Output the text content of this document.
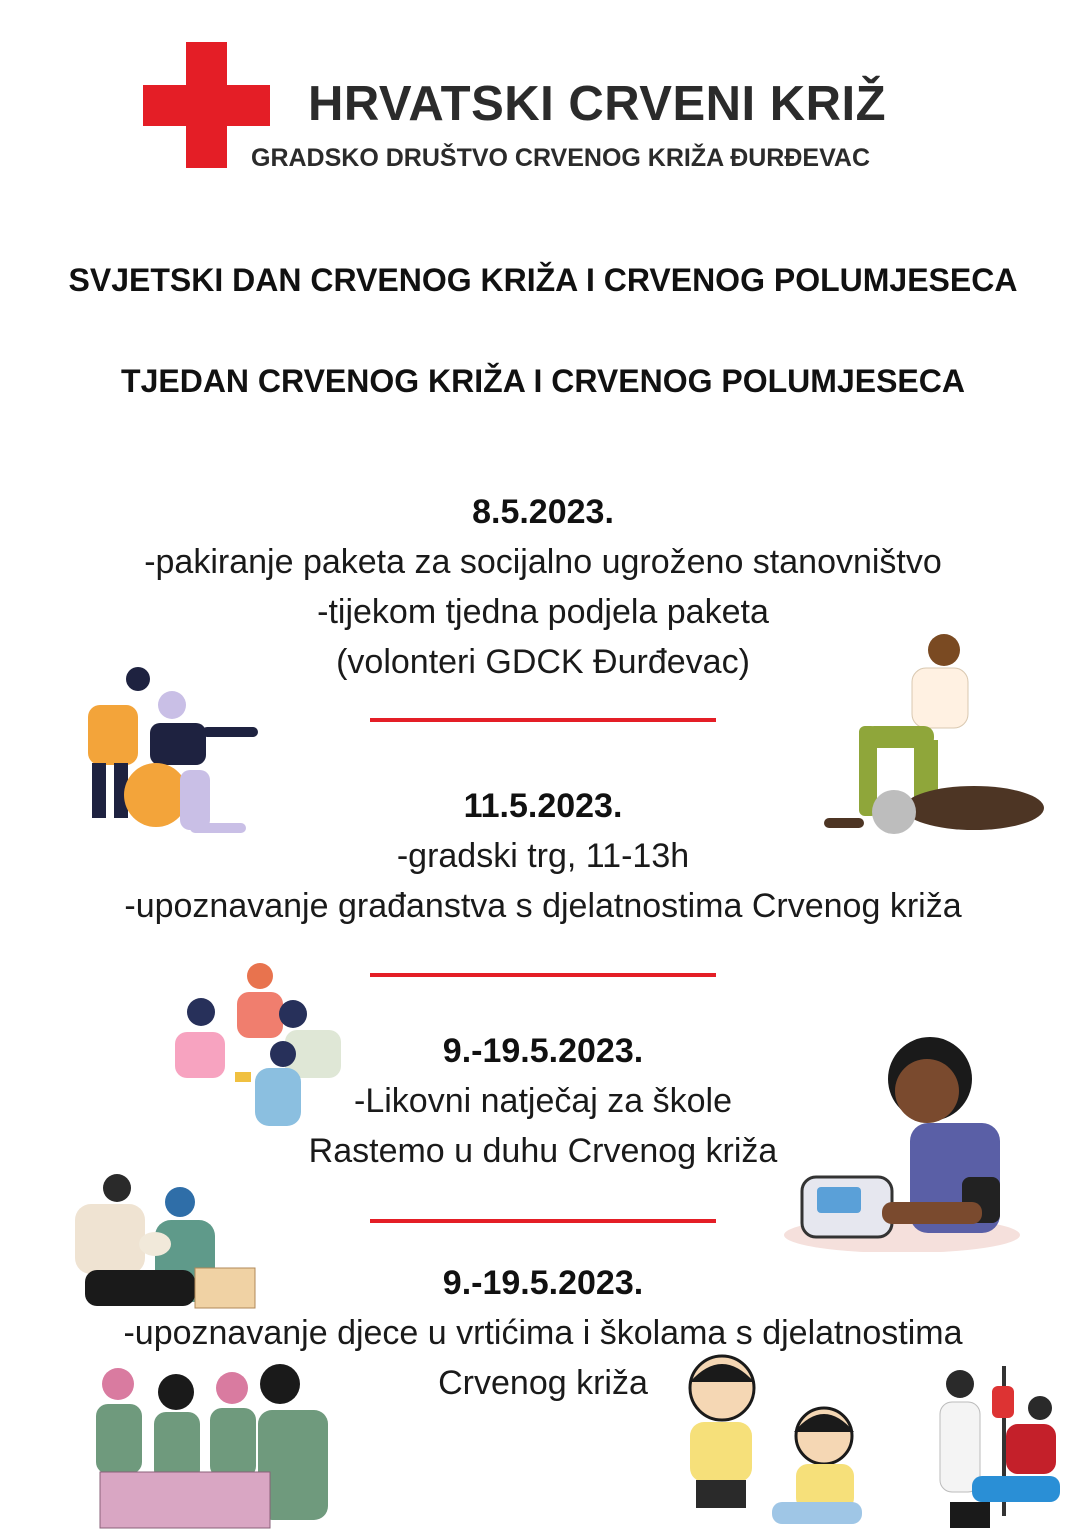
HRVATSKI CRVENI KRIŽ
GRADSKO DRUŠTVO CRVENOG KRIŽA ĐURĐEVAC
SVJETSKI DAN CRVENOG KRIŽA I CRVENOG POLUMJESECA
TJEDAN CRVENOG KRIŽA I CRVENOG POLUMJESECA
8.5.2023.
-pakiranje paketa za socijalno ugroženo stanovništvo
-tijekom tjedna podjela paketa
(volonteri GDCK Đurđevac)
11.5.2023.
-gradski trg, 11-13h
-upoznavanje građanstva s djelatnostima Crvenog križa
9.-19.5.2023.
-Likovni natječaj za škole
Rastemo u duhu Crvenog križa
9.-19.5.2023.
-upoznavanje djece u vrtićima i školama s djelatnostima
Crvenog križa
